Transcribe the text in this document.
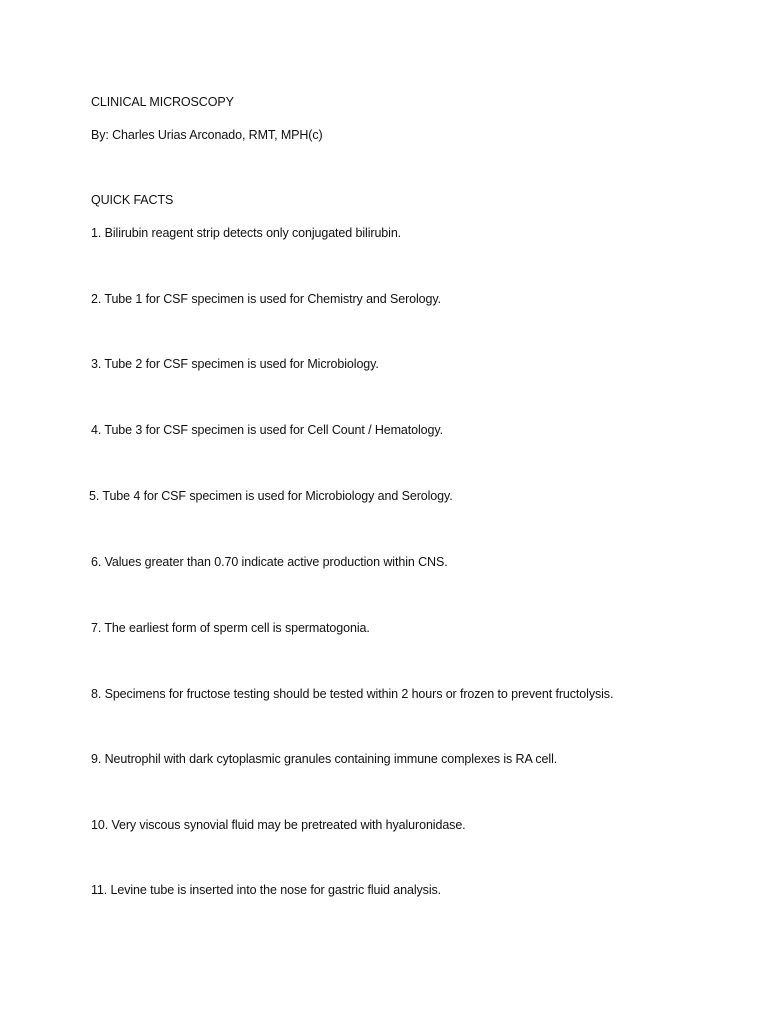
CLINICAL MICROSCOPY
By: Charles Urias Arconado, RMT, MPH(c)
QUICK FACTS
1. Bilirubin reagent strip detects only conjugated bilirubin.
2. Tube 1 for CSF specimen is used for Chemistry and Serology.
3. Tube 2 for CSF specimen is used for Microbiology.
4. Tube 3 for CSF specimen is used for Cell Count / Hematology.
5. Tube 4 for CSF specimen is used for Microbiology and Serology.
6. Values greater than 0.70 indicate active production within CNS.
7. The earliest form of sperm cell is spermatogonia.
8. Specimens for fructose testing should be tested within 2 hours or frozen to prevent fructolysis.
9. Neutrophil with dark cytoplasmic granules containing immune complexes is RA cell.
10. Very viscous synovial fluid may be pretreated with hyaluronidase.
11. Levine tube is inserted into the nose for gastric fluid analysis.
